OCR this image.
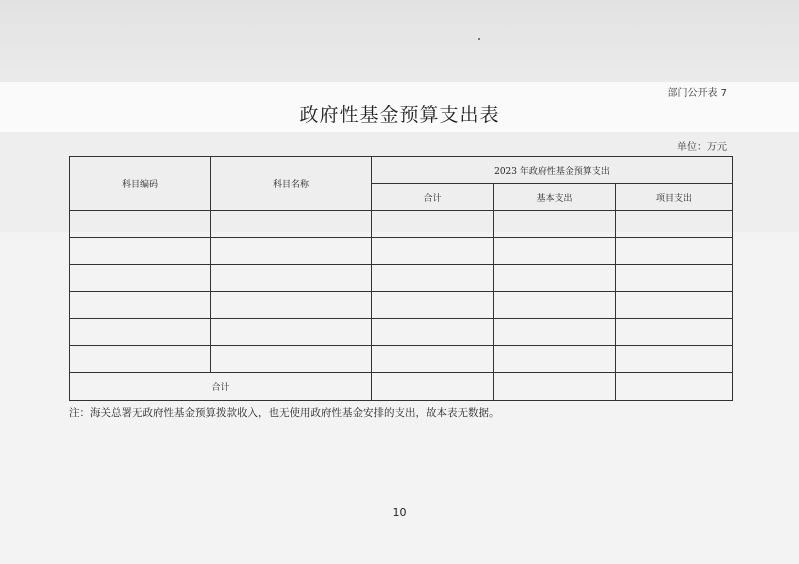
部门公开表 7
政府性基金预算支出表
单位：万元
科目编码	科目名称	2023 年政府性基金预算支出		
		合计	基本支出	项目支出

合计				
注：海关总署无政府性基金预算拨款收入，也无使用政府性基金安排的支出，故本表无数据。
10
